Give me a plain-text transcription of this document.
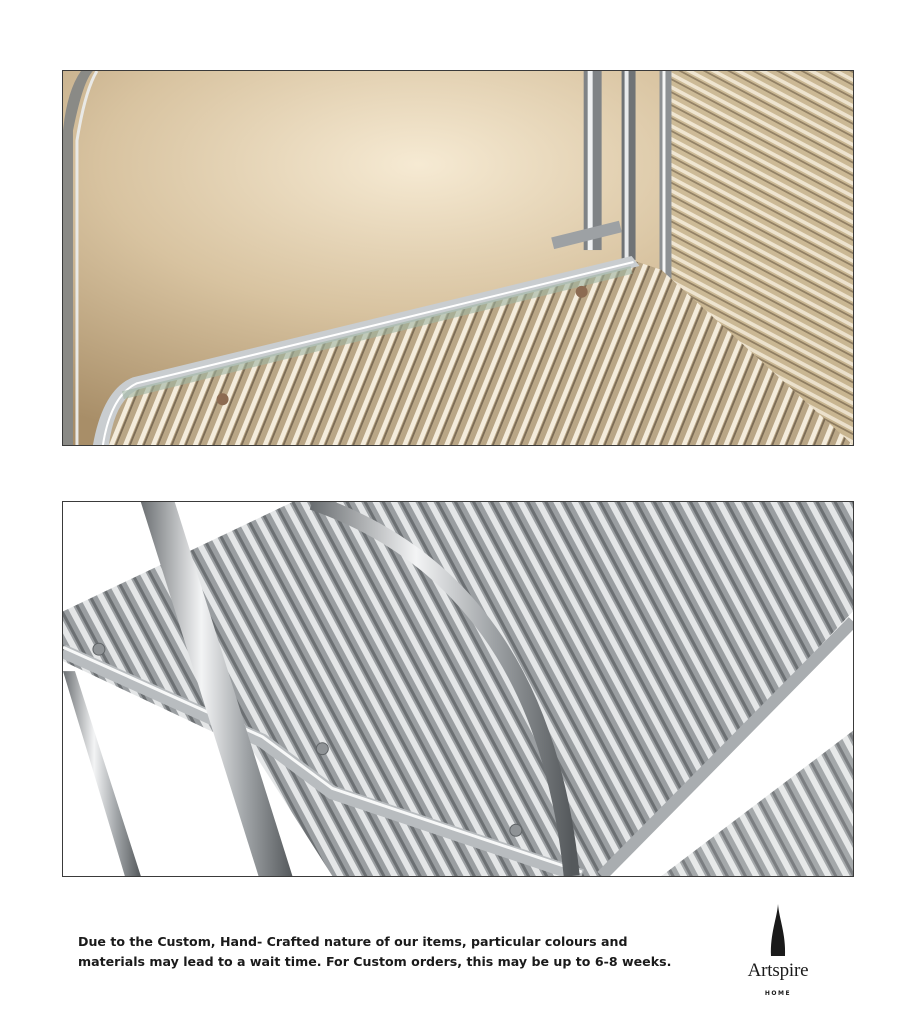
Due to the Custom, Hand- Crafted nature of our items, particular colours and
materials may lead to a wait time. For Custom orders, this may be up to 6-8 weeks.	Artspire
HOME
